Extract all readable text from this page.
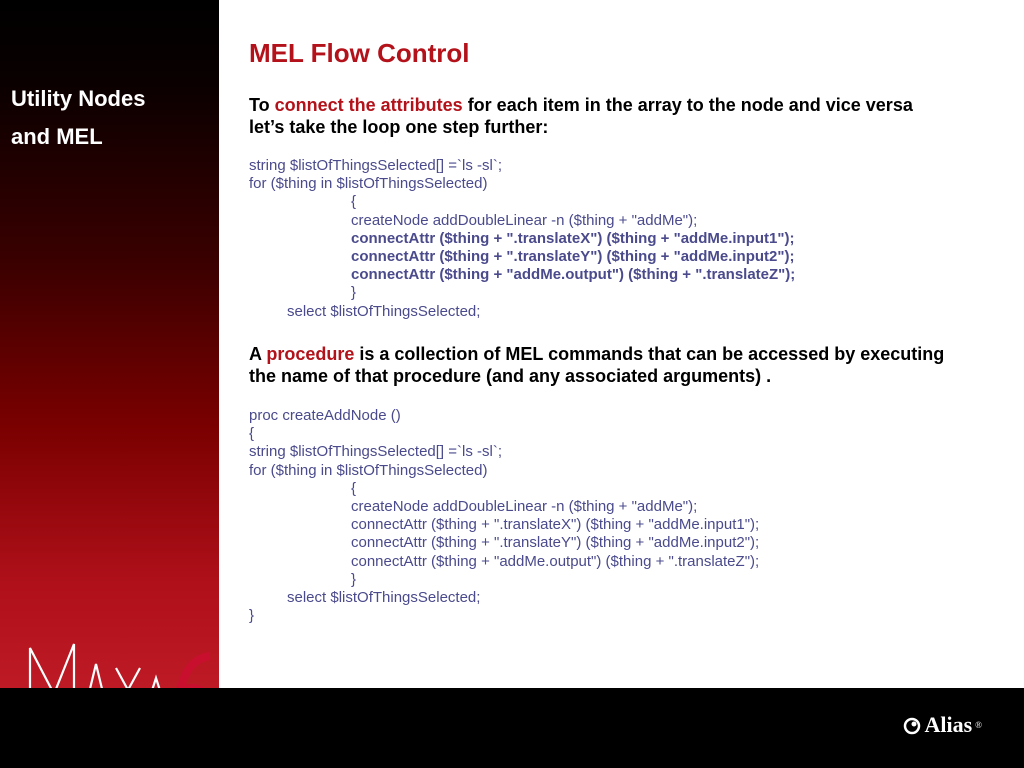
Utility Nodes
and MEL
Alias ®
MEL Flow Control

To connect the attributes for each item in the array to the node and vice versa let’s take the loop one step further:

string $listOfThingsSelected[] =`ls -sl`;
for ($thing in $listOfThingsSelected)
{
createNode addDoubleLinear -n ($thing + "addMe");
connectAttr ($thing + ".translateX") ($thing + "addMe.input1");
connectAttr ($thing + ".translateY") ($thing + "addMe.input2");
connectAttr ($thing + "addMe.output") ($thing + ".translateZ");
}
select $listOfThingsSelected;

A procedure is a collection of MEL commands that can be accessed by executing the name of that procedure (and any associated arguments) .

proc createAddNode ()
{
string $listOfThingsSelected[] =`ls -sl`;
for ($thing in $listOfThingsSelected)
{
createNode addDoubleLinear -n ($thing + "addMe");
connectAttr ($thing + ".translateX") ($thing + "addMe.input1");
connectAttr ($thing + ".translateY") ($thing + "addMe.input2");
connectAttr ($thing + "addMe.output") ($thing + ".translateZ");
}
select $listOfThingsSelected;
}
